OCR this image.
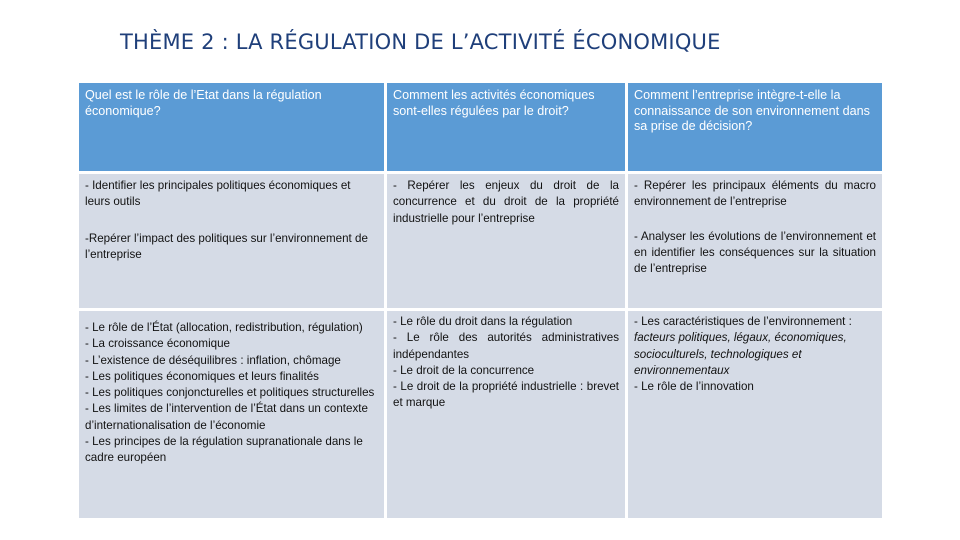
THÈME 2 : LA RÉGULATION DE L’ACTIVITÉ ÉCONOMIQUE
Quel est le rôle de l’Etat dans la régulation économique?
Comment les activités économiques sont-elles régulées par le droit?
Comment l’entreprise intègre-t-elle la connaissance de son environnement dans sa prise de décision?
- Identifier les principales politiques économiques et leurs outils
-Repérer l’impact des politiques sur l’environnement de l’entreprise
- Repérer les enjeux du droit de la concurrence et du droit de la propriété industrielle pour l’entreprise
- Repérer les principaux éléments du macro environnement de l’entreprise
- Analyser les évolutions de l’environnement et en identifier les conséquences sur la situation de l’entreprise
- Le rôle de l’État (allocation, redistribution, régulation)
- La croissance économique
- L’existence de déséquilibres : inflation, chômage
- Les politiques économiques et leurs finalités
- Les politiques conjoncturelles et politiques structurelles
- Les limites de l’intervention de l’État dans un contexte d’internationalisation de l’économie
- Les principes de la régulation supranationale dans le cadre européen
- Le rôle du droit dans la régulation
- Le rôle des autorités administratives indépendantes
- Le droit de la concurrence
- Le droit de la propriété industrielle : brevet et marque
- Les caractéristiques de l’environnement : facteurs politiques, légaux, économiques, socioculturels, technologiques et environnementaux
- Le rôle de l’innovation
